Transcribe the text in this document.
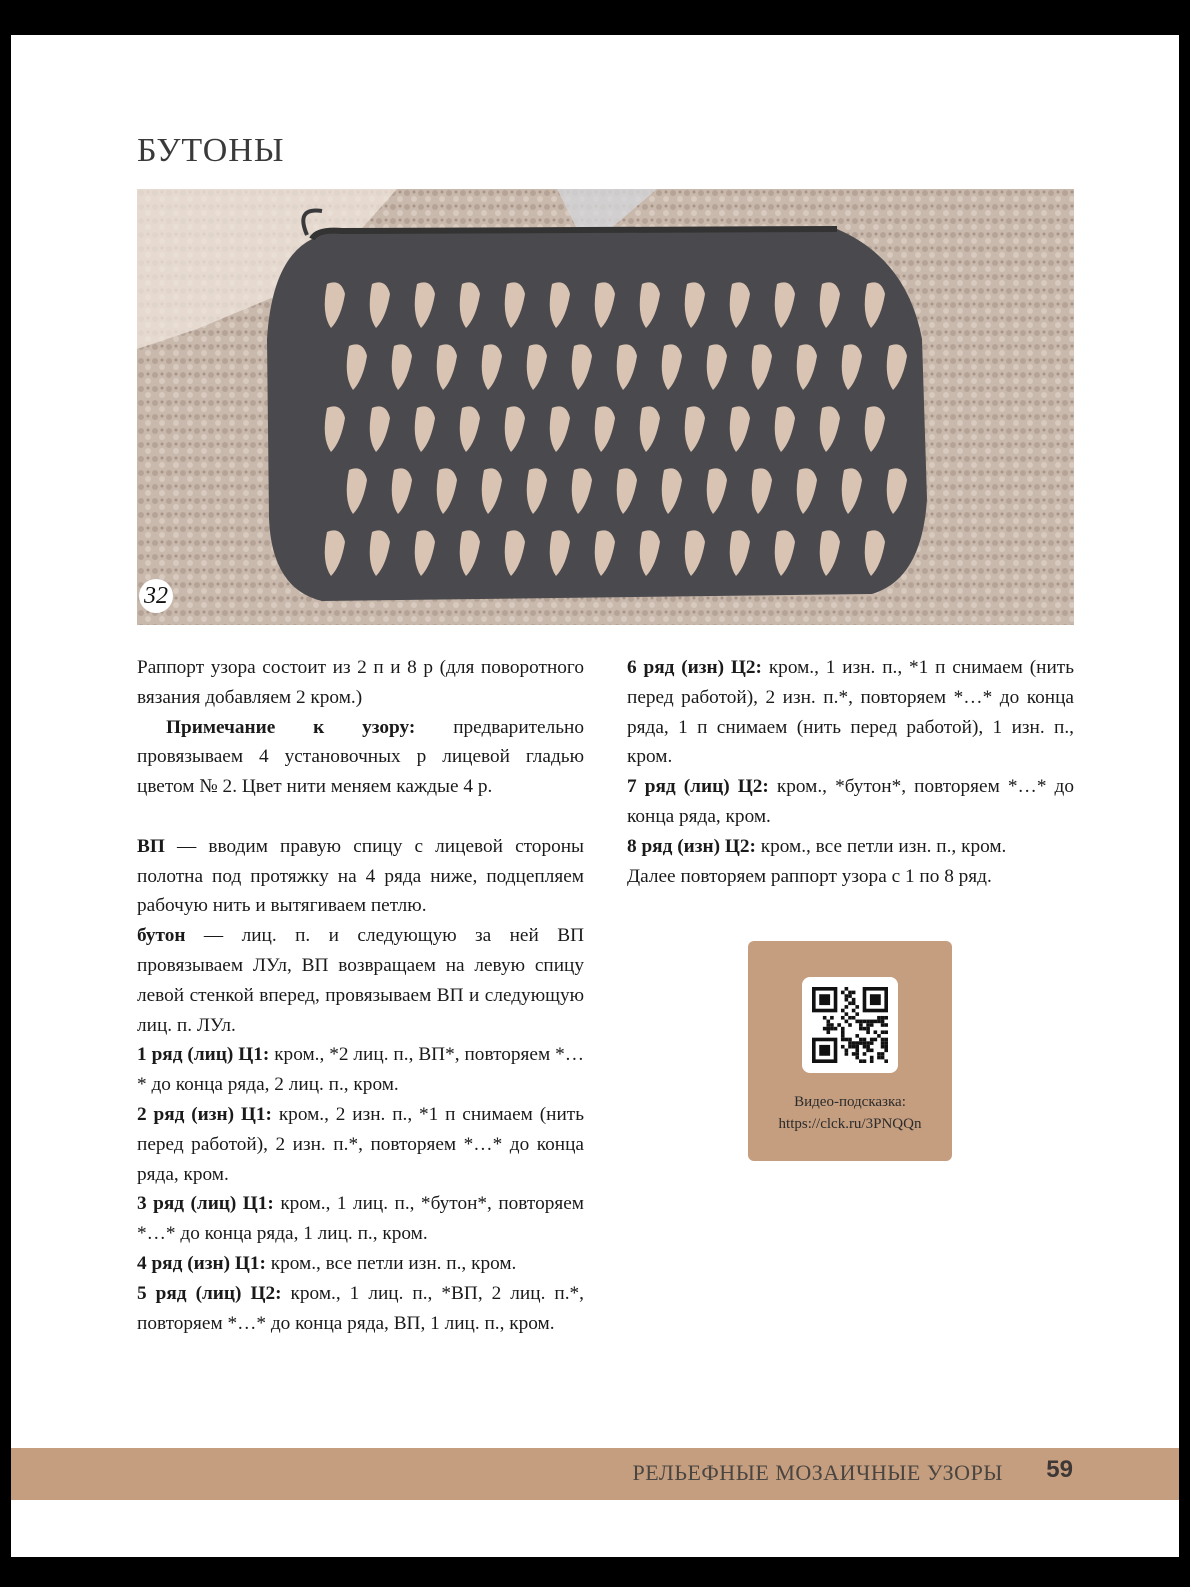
БУТОНЫ
32

Раппорт узора состоит из 2 п и 8 р (для поворотного вязания добавляем 2 кром.)

Примечание к узору: предварительно провязываем 4 установочных р лицевой гладью цветом № 2. Цвет нити меняем каждые 4 р.

ВП — вводим правую спицу с лицевой стороны полотна под протяжку на 4 ряда ниже, подцепляем рабочую нить и вытягиваем петлю.

бутон — лиц. п. и следующую за ней ВП провязываем ЛУл, ВП возвращаем на левую спицу левой стенкой вперед, провязываем ВП и следующую лиц. п. ЛУл.

1 ряд (лиц) Ц1: кром., *2 лиц. п., ВП*, повторяем *…* до конца ряда, 2 лиц. п., кром.

2 ряд (изн) Ц1: кром., 2 изн. п., *1 п снимаем (нить перед работой), 2 изн. п.*, повторяем *…* до конца ряда, кром.

3 ряд (лиц) Ц1: кром., 1 лиц. п., *бутон*, повторяем *…* до конца ряда, 1 лиц. п., кром.

4 ряд (изн) Ц1: кром., все петли изн. п., кром.

5 ряд (лиц) Ц2: кром., 1 лиц. п., *ВП, 2 лиц. п.*, повторяем *…* до конца ряда, ВП, 1 лиц. п., кром.

6 ряд (изн) Ц2: кром., 1 изн. п., *1 п снимаем (нить перед работой), 2 изн. п.*, повторяем *…* до конца ряда, 1 п снимаем (нить перед работой), 1 изн. п., кром.

7 ряд (лиц) Ц2: кром., *бутон*, повторяем *…* до конца ряда, кром.

8 ряд (изн) Ц2: кром., все петли изн. п., кром.

Далее повторяем раппорт узора с 1 по 8 ряд.

Видео-подсказка:
https://clck.ru/3PNQQn
РЕЛЬЕФНЫЕ МОЗАИЧНЫЕ УЗОРЫ 59
